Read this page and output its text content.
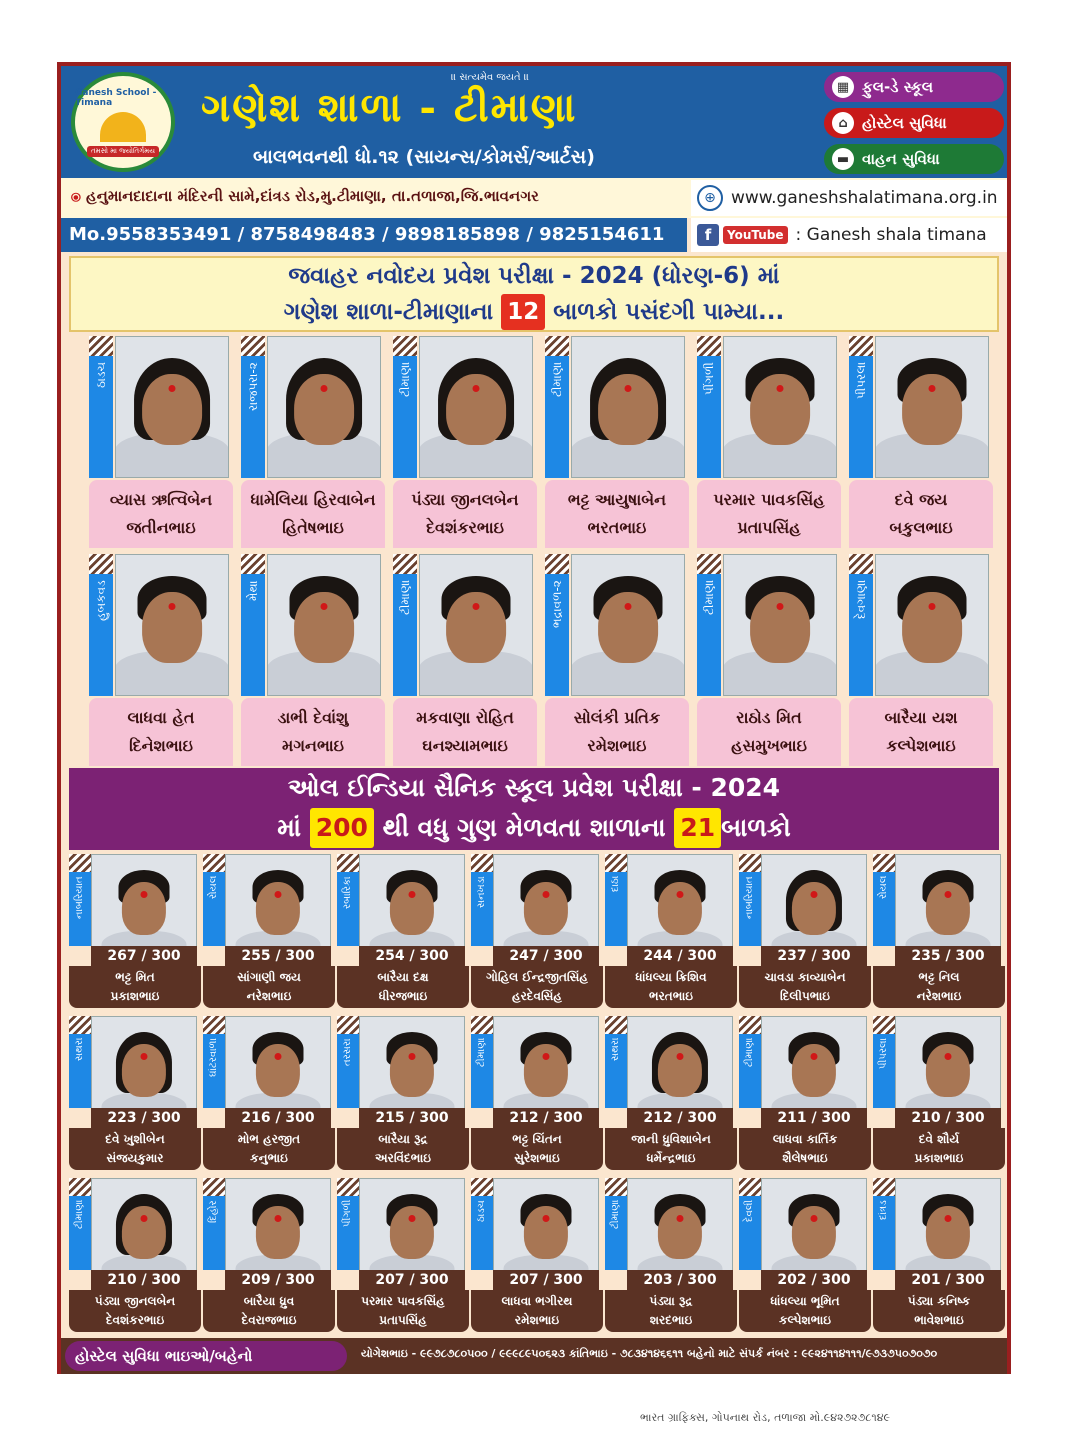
Ganesh School - Timana
તમસો મા જ્યોતિર્ગમય
॥ સત્યમેવ જયતે ॥
ગણેશ શાળા - ટીમાણા
બાલભવનથી ધો.૧૨ (સાયન્સ/કોમર્સ/આર્ટસ)
▦ ફુલ-ડે સ્કૂલ
⌂ હોસ્ટેલ સુવિધા
▬ વાહન સુવિધા
⦿ હનુમાનદાદાના મંદિરની સામે,દાંત્રડ રોડ,મુ.ટીમાણા, તા.તળાજા,જિ.ભાવનગર	⊕ www.ganeshshalatimana.org.in
Mo.9558353491 / 8758498483 / 9898185898 / 9825154611	f	YouTube : Ganesh shala timana
જવાહર નવોદય પ્રવેશ પરીક્ષા - 2024 (ધોરણ-6) માં
ગણેશ શાળા-ટીમાણાના 12 બાળકો પસંદગી પામ્યા...
ઠાડચ
વ્યાસ ઋત્વિબેન
જતીનભાઇ
રાજપરા-૨
ધામેલિયા હિરવાબેન
હિતેષભાઇ
ટીમાણા
પંડ્યા જીનલબેન
દેવશંકરભાઇ
ટીમાણા
ભટ્ટ આયુષાબેન
ભરતભાઇ
પીંગળી
પરમાર પાવકસિંહ
પ્રતાપસિંહ
પીપરલા
દવે જય
બકુલભાઇ
હુબકવડ
લાધવા હેત
દિનેશભાઇ
મેથા
ડાભી દેવાંશુ
મગનભાઇ
ટીમાણા
મકવાણા રોહિત
ઘનશ્યામભાઇ
ભદ્રાવળ-૨
સોલંકી પ્રતિક
રમેશભાઇ
ટીમાણા
રાઠોડ મિત
હસમુખભાઇ
દેવગાણા
બારૈયા યશ
કલ્પેશભાઇ
ઓલ ઈન્ડિયા સૈનિક સ્કૂલ પ્રવેશ પરીક્ષા - 2024
માં 200 થી વધુ ગુણ મેળવતા શાળાના 21 બાળકો
નાબરિયાત
267 / 300
ભટ્ટ મિત
પ્રકાશભાઇ
રોયલ
255 / 300
સાંગાણી જય
નરેશભાઇ
રબારિકા
254 / 300
બારૈયા દક્ષ
ધીરજભાઇ
સનખડા
247 / 300
ગોહિલ ઈન્દ્રજીતસિંહ
હરદેવસિંહ
દાઠા
244 / 300
ધાંધલ્યા ક્રિશિવ
ભરતભાઇ
નાબરિયાત
237 / 300
ચાવડા કાવ્યાબેન
દિલીપભાઇ
રોયલ
235 / 300
ભટ્ટ નિલ
નરેશભાઇ
સથરા
223 / 300
દવે ખુશીબેન
સંજયકુમાર
ઘાંટરવાળા
216 / 300
મોભ હરજીત
કનુભાઇ
તરસરા
215 / 300
બારૈયા રૂદ્ર
અરવિંદભાઇ
ટીમાણા
212 / 300
ભટ્ટ ચિંતન
સુરેશભાઇ
સથરા
212 / 300
જાની ધ્રુવિશાબેન
ધર્મેન્દ્રભાઇ
ટીમાણા
211 / 300
લાધવા કાર્તિક
શૈલેષભાઇ
પીપરલા
210 / 300
દવે શૌર્ય
પ્રકાશભાઇ
ટીમાણા
210 / 300
પંડ્યા જીનલબેન
દેવશંકરભાઇ
દિહોર
209 / 300
બારૈયા ધ્રુવ
દેવરાજભાઇ
પીંગળી
207 / 300
પરમાર પાવકસિંહ
પ્રતાપસિંહ
ઠાડચ
207 / 300
લાધવા ભગીરથ
રમેશભાઇ
ટીમાણા
203 / 300
પંડ્યા રૂદ્ર
શરદભાઇ
દેવલી
202 / 300
ધાંધલ્યા ભૂમિત
કલ્પેશભાઇ
દાંત્રડ
201 / 300
પંડ્યા કનિષ્ક
ભાવેશભાઇ
હોસ્ટેલ સુવિધા ભાઇઓ/બહેનો	યોગેશભાઇ - ૯૯૭૮૭૮૦૫૦૦ / ૯૯૯૮૯૫૦૬૨૩ કાંતિભાઇ - ૭૮૩૪૧૪૬૬૧૧ બહેનો માટે સંપર્ક નંબર : ૯૯૨૪૧૧૪૧૧૧/૯૭૩૭૫૦૭૦૭૦
ભારત ગ્રાફિક્સ, ગોપનાથ રોડ, તળાજા મો.૯૪૨૭૨૭૮૧૪૯
